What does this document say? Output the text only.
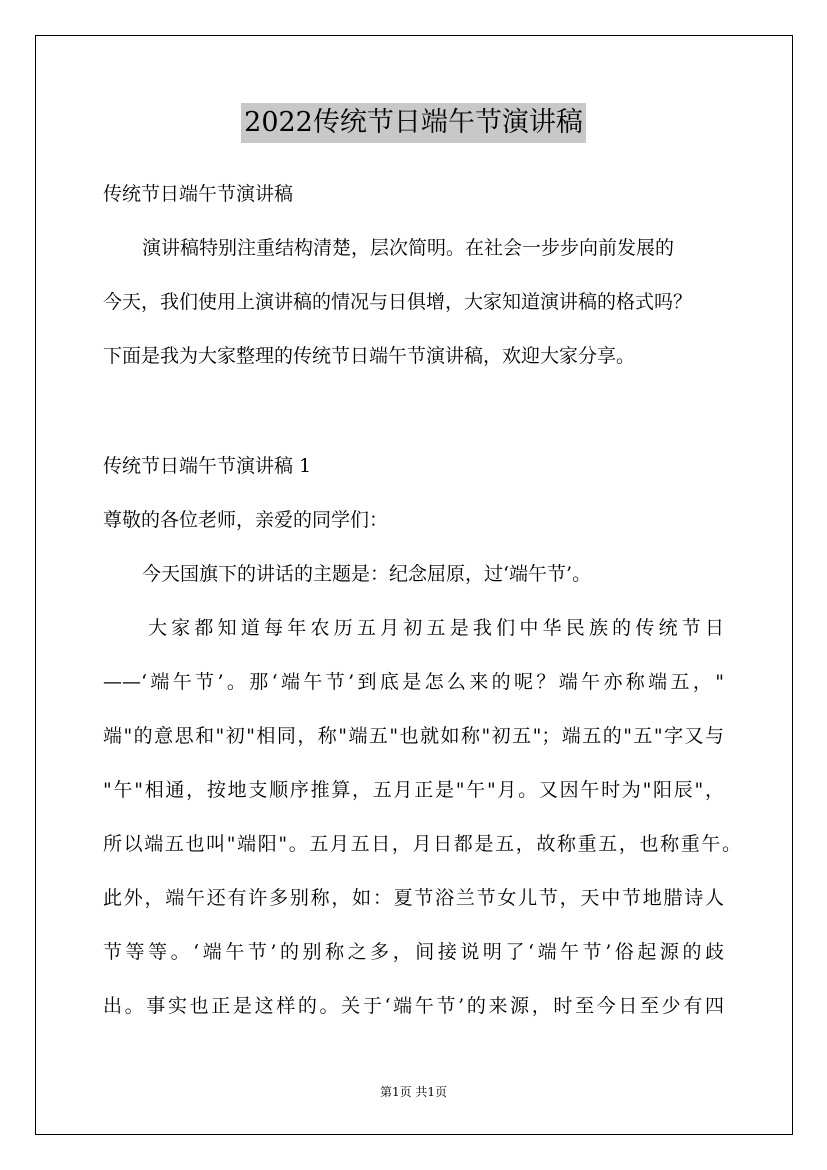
2022传统节日端午节演讲稿
传统节日端午节演讲稿
演讲稿特别注重结构清楚，层次简明。在社会一步步向前发展的
今天，我们使用上演讲稿的情况与日俱增，大家知道演讲稿的格式吗？
下面是我为大家整理的传统节日端午节演讲稿，欢迎大家分享。
传统节日端午节演讲稿 1
尊敬的各位老师，亲爱的同学们：
今天国旗下的讲话的主题是：纪念屈原，过‘端午节’。
大家都知道每年农历五月初五是我们中华民族的传统节日
——‘端午节’。那‘端午节’到底是怎么来的呢？端午亦称端五，"
端"的意思和"初"相同，称"端五"也就如称"初五"；端五的"五"字又与
"午"相通，按地支顺序推算，五月正是"午"月。又因午时为"阳辰"，
所以端五也叫"端阳"。五月五日，月日都是五，故称重五，也称重午。
此外，端午还有许多别称，如：夏节浴兰节女儿节，天中节地腊诗人
节等等。‘端午节’的别称之多，间接说明了‘端午节’俗起源的歧
出。事实也正是这样的。关于‘端午节’的来源，时至今日至少有四
第1页 共1页
